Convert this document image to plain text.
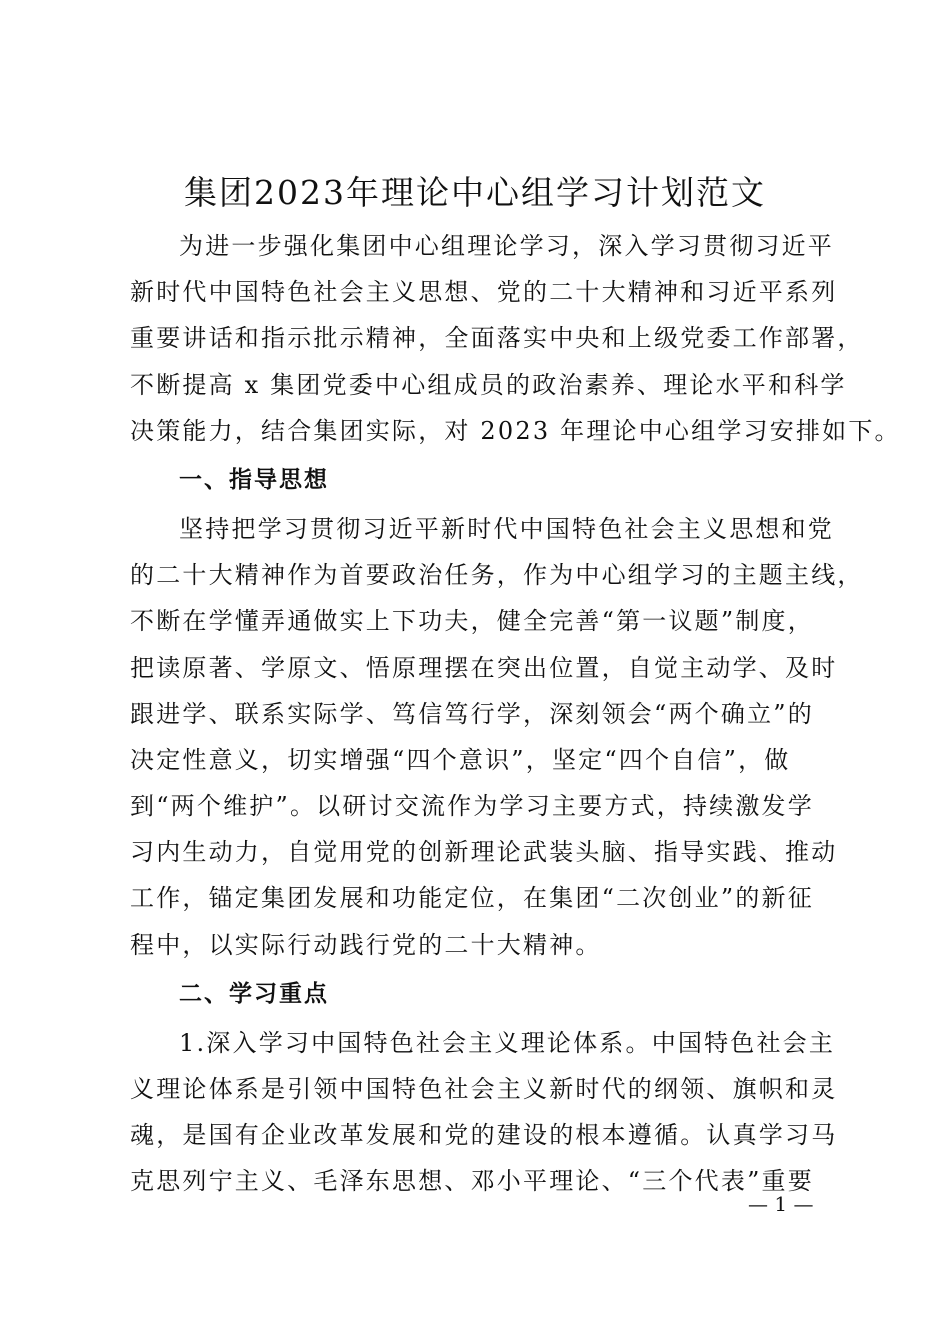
集团2023年理论中心组学习计划范文
为进一步强化集团中心组理论学习，深入学习贯彻习近平
新时代中国特色社会主义思想、党的二十大精神和习近平系列
重要讲话和指示批示精神，全面落实中央和上级党委工作部署，
不断提高 x 集团党委中心组成员的政治素养、理论水平和科学
决策能力，结合集团实际，对 2023 年理论中心组学习安排如下。
一、指导思想
坚持把学习贯彻习近平新时代中国特色社会主义思想和党
的二十大精神作为首要政治任务，作为中心组学习的主题主线，
不断在学懂弄通做实上下功夫，健全完善“第一议题”制度，
把读原著、学原文、悟原理摆在突出位置，自觉主动学、及时
跟进学、联系实际学、笃信笃行学，深刻领会“两个确立”的
决定性意义，切实增强“四个意识”，坚定“四个自信”，做
到“两个维护”。以研讨交流作为学习主要方式，持续激发学
习内生动力，自觉用党的创新理论武装头脑、指导实践、推动
工作，锚定集团发展和功能定位，在集团“二次创业”的新征
程中，以实际行动践行党的二十大精神。
二、学习重点
1.深入学习中国特色社会主义理论体系。中国特色社会主
义理论体系是引领中国特色社会主义新时代的纲领、旗帜和灵
魂，是国有企业改革发展和党的建设的根本遵循。认真学习马
克思列宁主义、毛泽东思想、邓小平理论、“三个代表”重要
— 1 —
